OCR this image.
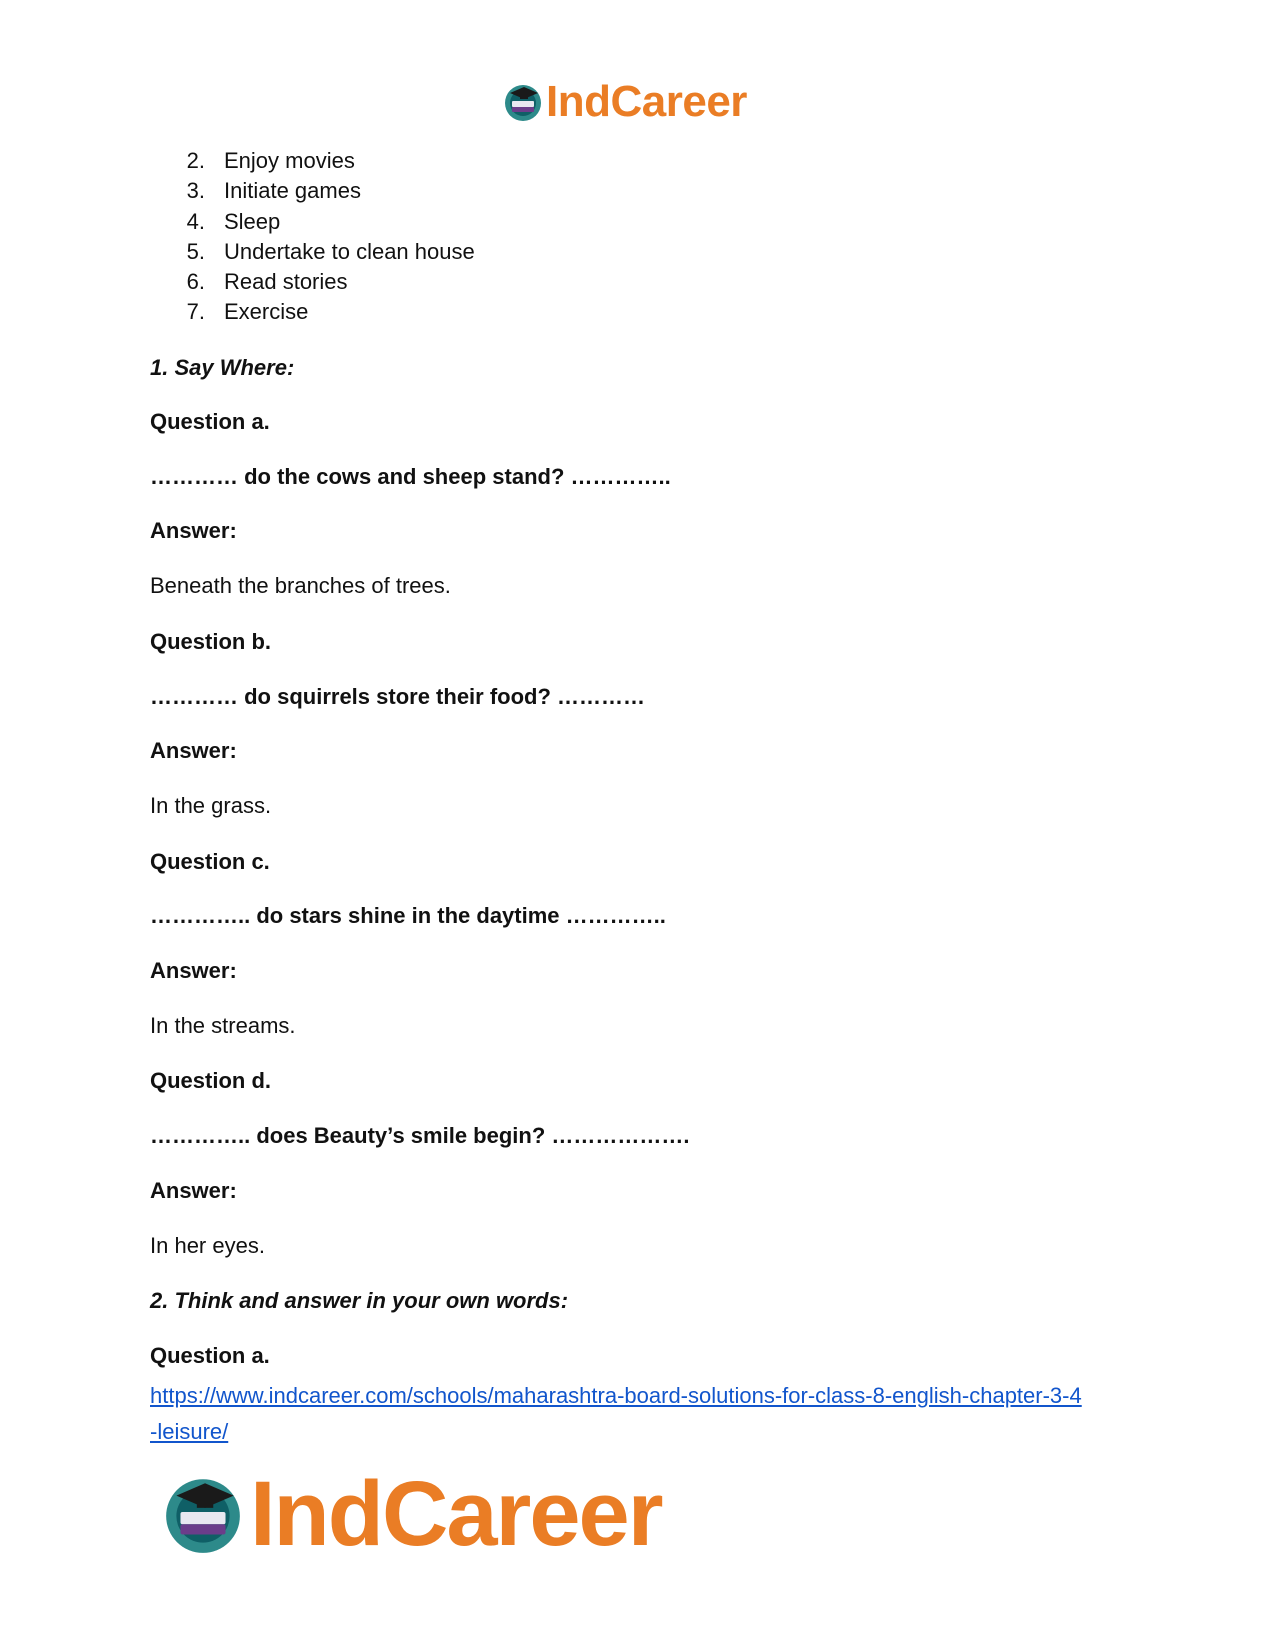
IndCareer
2. Enjoy movies
3. Initiate games
4. Sleep
5. Undertake to clean house
6. Read stories
7. Exercise
1. Say Where:
Question a.
………… do the cows and sheep stand? …………..
Answer:
Beneath the branches of trees.
Question b.
………… do squirrels store their food? …………
Answer:
In the grass.
Question c.
………….. do stars shine in the daytime …………..
Answer:
In the streams.
Question d.
………….. does Beauty’s smile begin? ……………….
Answer:
In her eyes.
2. Think and answer in your own words:
Question a.
https://www.indcareer.com/schools/maharashtra-board-solutions-for-class-8-english-chapter-3-4
-leisure/
IndCareer
